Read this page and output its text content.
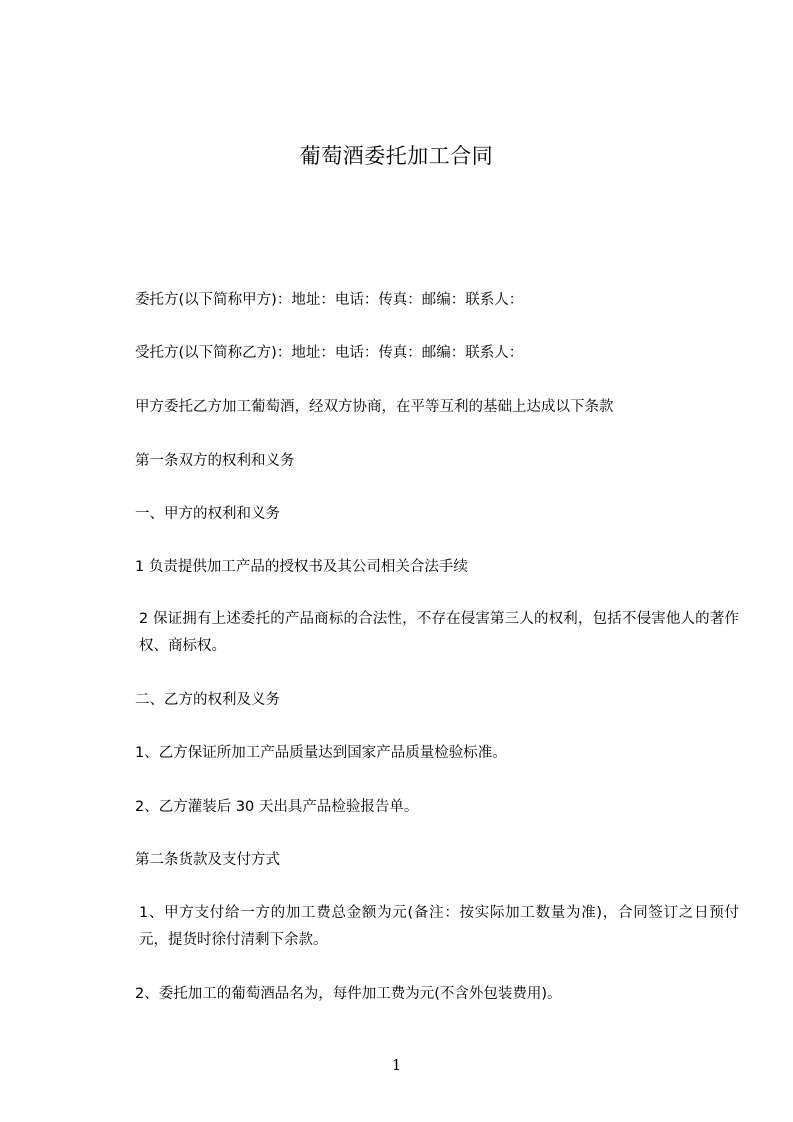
葡萄酒委托加工合同
委托方(以下简称甲方)：地址：电话：传真：邮编：联系人：
受托方(以下简称乙方)：地址：电话：传真：邮编：联系人：
甲方委托乙方加工葡萄酒，经双方协商，在平等互利的基础上达成以下条款
第一条双方的权利和义务
一、甲方的权利和义务
1 负责提供加工产品的授权书及其公司相关合法手续
2 保证拥有上述委托的产品商标的合法性，不存在侵害第三人的权利，包括不侵害他人的著作权、商标权。
二、乙方的权利及义务
1、乙方保证所加工产品质量达到国家产品质量检验标准。
2、乙方灌装后 30 天出具产品检验报告单。
第二条货款及支付方式
1、甲方支付给一方的加工费总金额为元(备注：按实际加工数量为准)，合同签订之日预付元，提货时徐付清剩下余款。
2、委托加工的葡萄酒品名为，每件加工费为元(不含外包装费用)。
1
